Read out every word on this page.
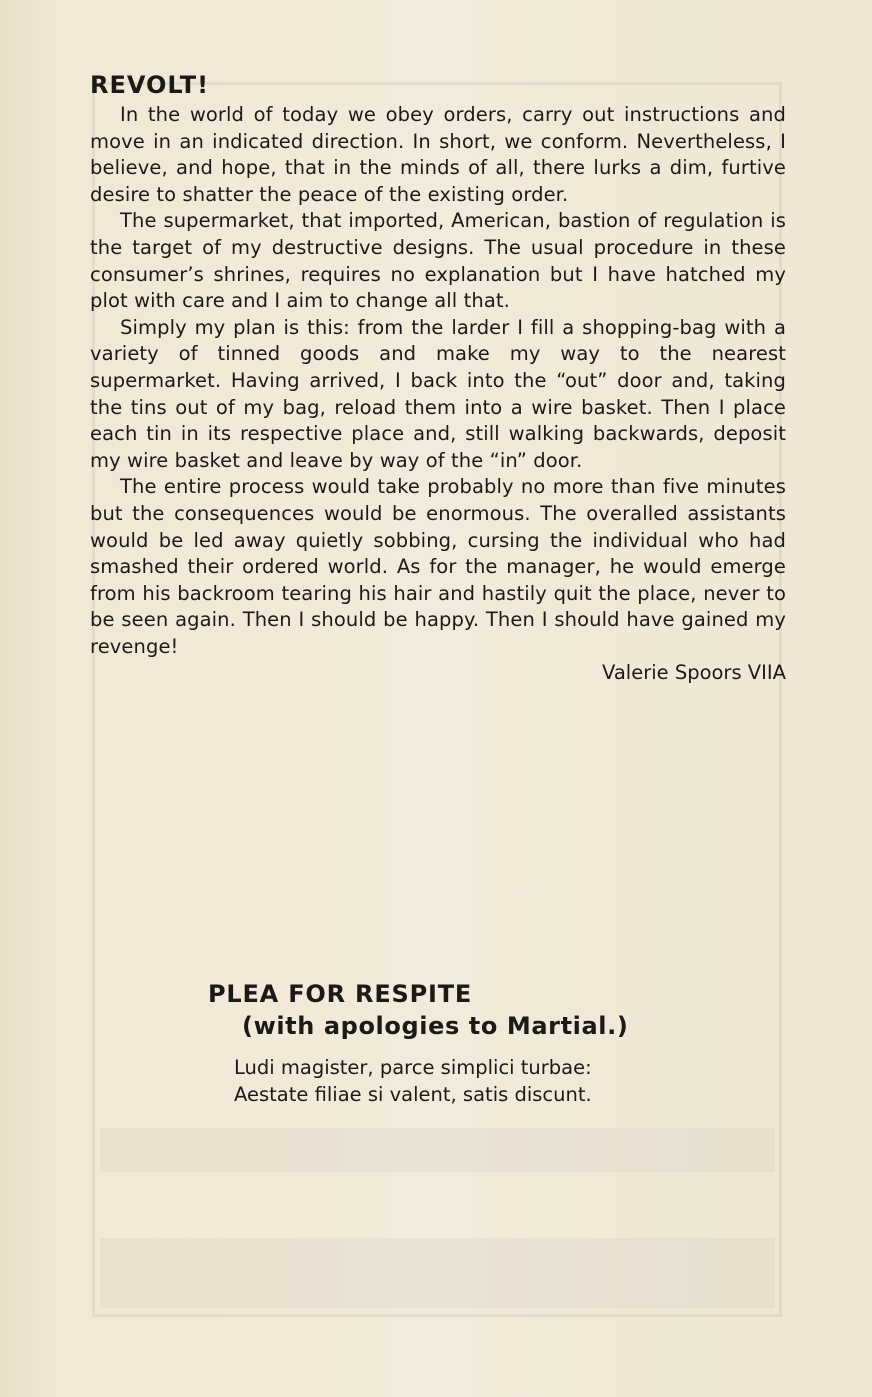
REVOLT!

In the world of today we obey orders, carry out instructions and move in an indicated direction. In short, we conform. Nevertheless, I believe, and hope, that in the minds of all, there lurks a dim, furtive desire to shatter the peace of the existing order.

The supermarket, that imported, American, bastion of regulation is the target of my destructive designs. The usual procedure in these consumer’s shrines, requires no explanation but I have hatched my plot with care and I aim to change all that.

Simply my plan is this: from the larder I fill a shopping-bag with a variety of tinned goods and make my way to the nearest supermarket. Having arrived, I back into the “out” door and, taking the tins out of my bag, reload them into a wire basket. Then I place each tin in its respective place and, still walking backwards, deposit my wire basket and leave by way of the “in” door.

The entire process would take probably no more than five minutes but the consequences would be enormous. The overalled assistants would be led away quietly sobbing, cursing the individual who had smashed their ordered world. As for the manager, he would emerge from his backroom tearing his hair and hastily quit the place, never to be seen again. Then I should be happy. Then I should have gained my revenge!

Valerie Spoors VIIA

PLEA FOR RESPITE
(with apologies to Martial.)

Ludi magister, parce simplici turbae:

Aestate filiae si valent, satis discunt.
